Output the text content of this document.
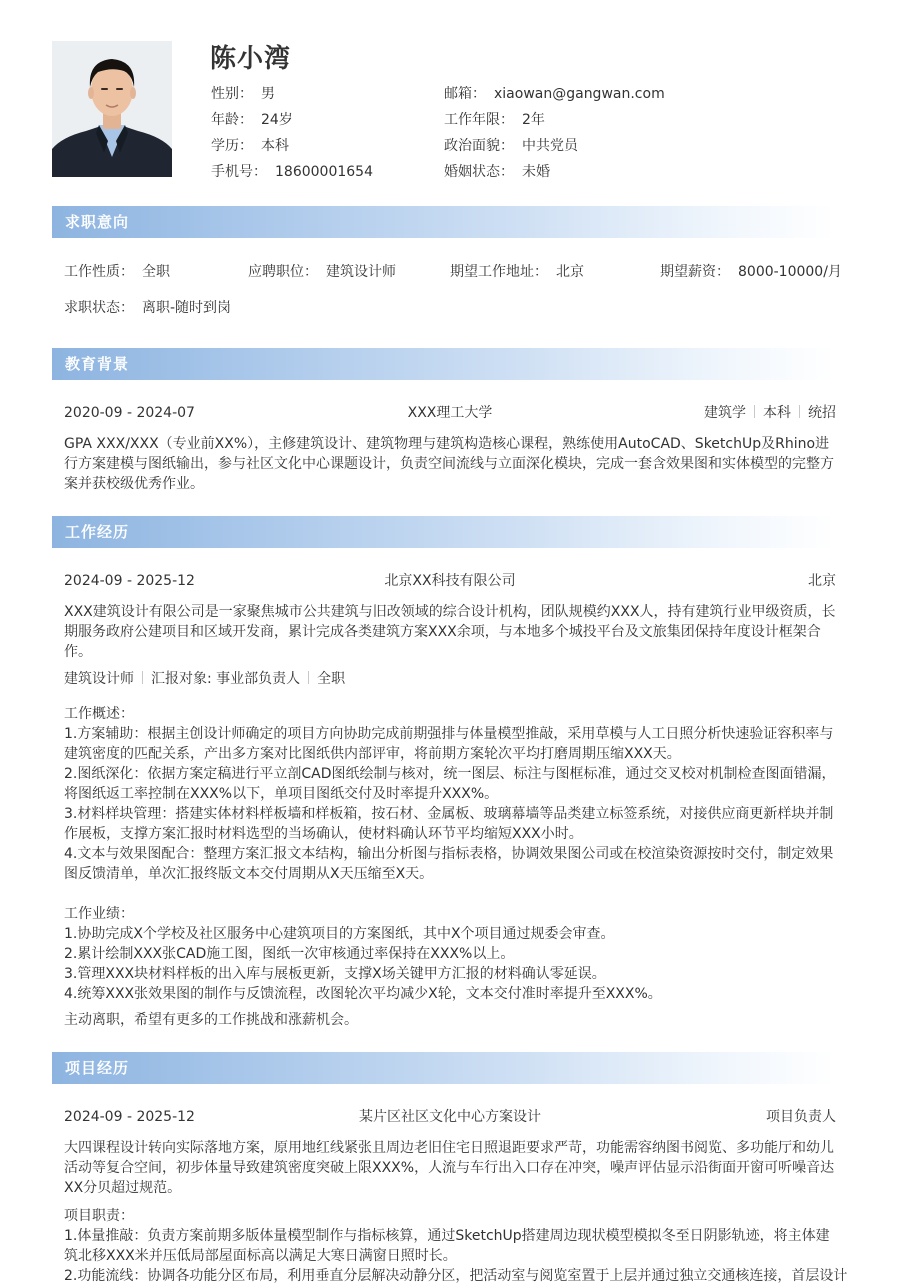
陈小湾
性别： 男
年龄： 24岁
学历： 本科
手机号： 18600001654
邮箱： xiaowan@gangwan.com
工作年限： 2年
政治面貌： 中共党员
婚姻状态： 未婚
求职意向
工作性质： 全职	应聘职位： 建筑设计师	期望工作地址： 北京	期望薪资： 8000-10000/月
求职状态： 离职-随时到岗
教育背景
2020-09 - 2024-07	XXX理工大学	建筑学 本科 统招
GPA XXX/XXX（专业前XX%），主修建筑设计、建筑物理与建筑构造核心课程，熟练使用AutoCAD、SketchUp及Rhino进
行方案建模与图纸输出，参与社区文化中心课题设计，负责空间流线与立面深化模块，完成一套含效果图和实体模型的完整方
案并获校级优秀作业。
工作经历
2024-09 - 2025-12	北京XX科技有限公司	北京
XXX建筑设计有限公司是一家聚焦城市公共建筑与旧改领域的综合设计机构，团队规模约XXX人，持有建筑行业甲级资质，长
期服务政府公建项目和区域开发商，累计完成各类建筑方案XXX余项，与本地多个城投平台及文旅集团保持年度设计框架合
作。
建筑设计师 汇报对象: 事业部负责人 全职
工作概述：
1.方案辅助：根据主创设计师确定的项目方向协助完成前期强排与体量模型推敲，采用草模与人工日照分析快速验证容积率与
建筑密度的匹配关系，产出多方案对比图纸供内部评审，将前期方案轮次平均打磨周期压缩XXX天。
2.图纸深化：依据方案定稿进行平立剖CAD图纸绘制与核对，统一图层、标注与图框标准，通过交叉校对机制检查图面错漏，
将图纸返工率控制在XXX%以下，单项目图纸交付及时率提升XXX%。
3.材料样块管理：搭建实体材料样板墙和样板箱，按石材、金属板、玻璃幕墙等品类建立标签系统，对接供应商更新样块并制
作展板，支撑方案汇报时材料选型的当场确认，使材料确认环节平均缩短XXX小时。
4.文本与效果图配合：整理方案汇报文本结构，输出分析图与指标表格，协调效果图公司或在校渲染资源按时交付，制定效果
图反馈清单，单次汇报终版文本交付周期从X天压缩至X天。
工作业绩：
1.协助完成X个学校及社区服务中心建筑项目的方案图纸，其中X个项目通过规委会审查。
2.累计绘制XXX张CAD施工图，图纸一次审核通过率保持在XXX%以上。
3.管理XXX块材料样板的出入库与展板更新，支撑X场关键甲方汇报的材料确认零延误。
4.统筹XXX张效果图的制作与反馈流程，改图轮次平均减少X轮，文本交付准时率提升至XXX%。
主动离职，希望有更多的工作挑战和涨薪机会。
项目经历
2024-09 - 2025-12	某片区社区文化中心方案设计	项目负责人
大四课程设计转向实际落地方案，原用地红线紧张且周边老旧住宅日照退距要求严苛，功能需容纳图书阅览、多功能厅和幼儿
活动等复合空间，初步体量导致建筑密度突破上限XXX%，人流与车行出入口存在冲突，噪声评估显示沿街面开窗可听噪音达
XX分贝超过规范。
项目职责：
1.体量推敲：负责方案前期多版体量模型制作与指标核算，通过SketchUp搭建周边现状模型模拟冬至日阴影轨迹，将主体建
筑北移XXX米并压低局部屋面标高以满足大寒日满窗日照时长。
2.功能流线：协调各功能分区布局，利用垂直分层解决动静分区，把活动室与阅览室置于上层并通过独立交通核连接，首层设计
